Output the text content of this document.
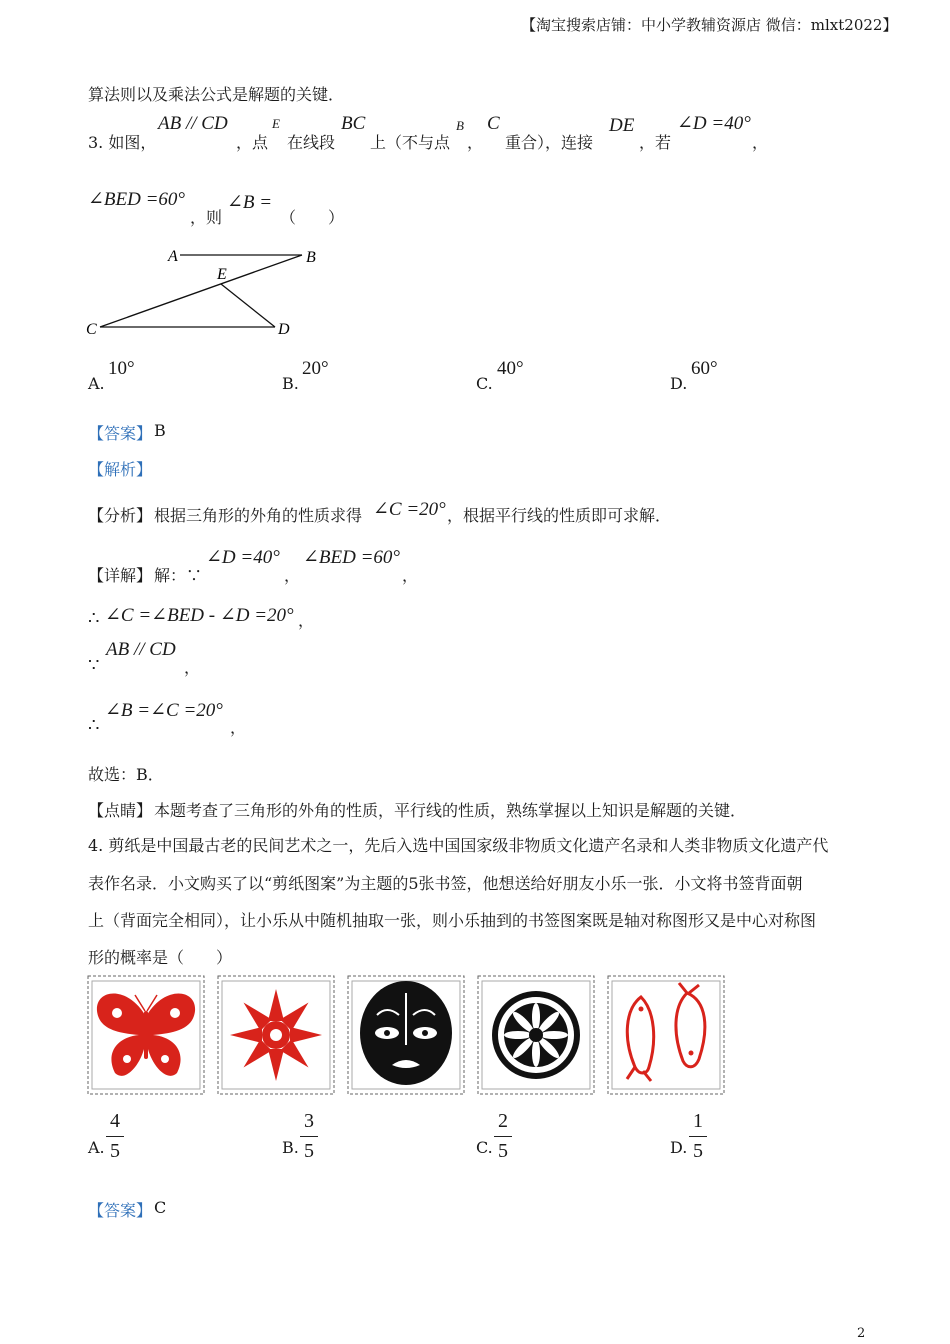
【淘宝搜索店铺：中小学教辅资源店 微信：mlxt2022】
算法则以及乘法公式是解题的关键．
3. 如图，
AB // CD
，点
E
在线段
BC
上（不与点
B
，
C
重合），连接
DE
，若
∠D =40°
，
∠BED =60°
，则
∠B =
（　　）
A	B
E
C	D
A.
10°
B.
20°
C.
40°
D.
60°
【答案】 B
【解析】
【分析】 根据三角形的外角的性质求得 ∠C =20° ，根据平行线的性质即可求解．
【详解】 解：∵
∠D =40°
，
∠BED =60°
，
∴ ∠C =∠BED - ∠D =20° ，
∵
AB // CD
，
∴
∠B =∠C =20°
，
故选：B．
【点睛】 本题考查了三角形的外角的性质，平行线的性质，熟练掌握以上知识是解题的关键．
4. 剪纸是中国最古老的民间艺术之一，先后入选中国国家级非物质文化遗产名录和人类非物质文化遗产代
表作名录．小文购买了以“剪纸图案”为主题的5张书签，他想送给好朋友小乐一张．小文将书签背面朝
上（背面完全相同），让小乐从中随机抽取一张，则小乐抽到的书签图案既是轴对称图形又是中心对称图
形的概率是（　　）
A.
4
5	B.
3
5	C.
2
5	D.
1
5
【答案】 C
2
